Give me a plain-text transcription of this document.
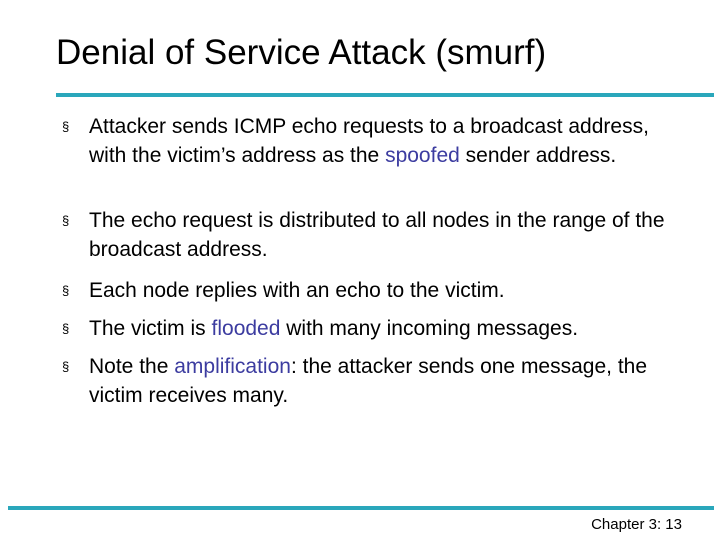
Denial of Service Attack (smurf)
§ Attacker sends ICMP echo requests to a broadcast address, with the victim’s address as the spoofed sender address.
§ The echo request is distributed to all nodes in the range of the broadcast address.
§ Each node replies with an echo to the victim.
§ The victim is flooded with many incoming messages.
§ Note the amplification: the attacker sends one message, the victim receives many.
Chapter 3: 13
